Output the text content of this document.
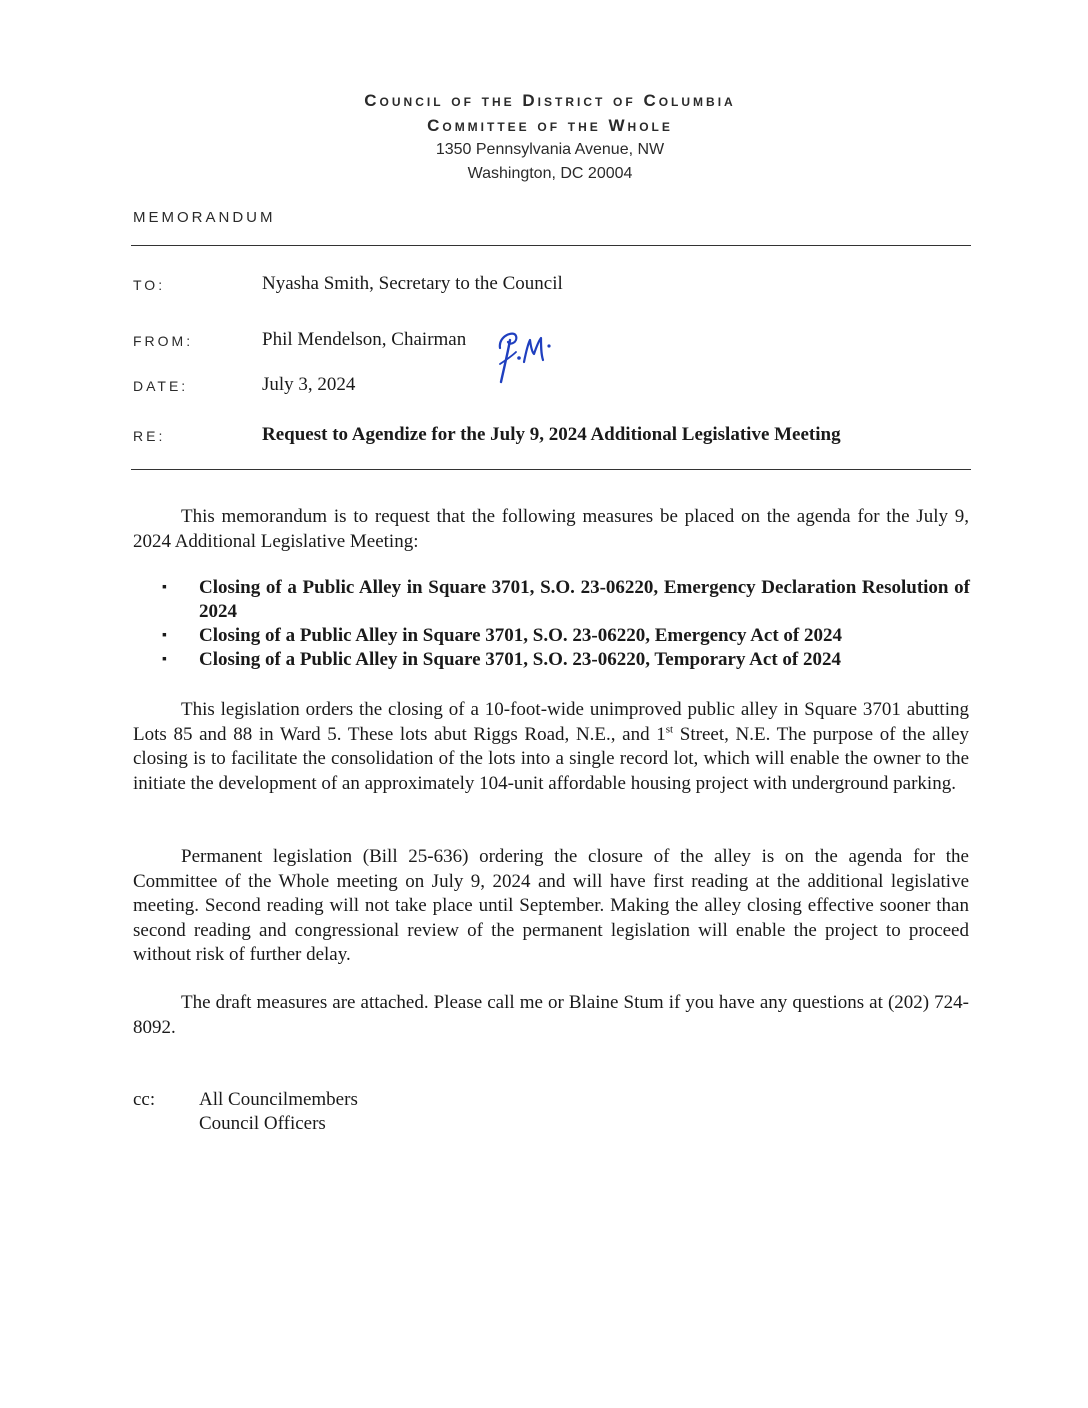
Council of the District of Columbia
Committee of the Whole
1350 Pennsylvania Avenue, NW
Washington, DC 20004
MEMORANDUM
TO:	Nyasha Smith, Secretary to the Council
FROM:	Phil Mendelson, Chairman
DATE:	July 3, 2024
RE:	Request to Agendize for the July 9, 2024 Additional Legislative Meeting
This memorandum is to request that the following measures be placed on the agenda for the July 9, 2024 Additional Legislative Meeting:
▪ Closing of a Public Alley in Square 3701, S.O. 23-06220, Emergency Declaration Resolution of 2024
▪ Closing of a Public Alley in Square 3701, S.O. 23-06220, Emergency Act of 2024
▪ Closing of a Public Alley in Square 3701, S.O. 23-06220, Temporary Act of 2024
This legislation orders the closing of a 10-foot-wide unimproved public alley in Square 3701 abutting Lots 85 and 88 in Ward 5. These lots abut Riggs Road, N.E., and 1st Street, N.E. The purpose of the alley closing is to facilitate the consolidation of the lots into a single record lot, which will enable the owner to the initiate the development of an approximately 104-unit affordable housing project with underground parking.
Permanent legislation (Bill 25-636) ordering the closure of the alley is on the agenda for the Committee of the Whole meeting on July 9, 2024 and will have first reading at the additional legislative meeting. Second reading will not take place until September. Making the alley closing effective sooner than second reading and congressional review of the permanent legislation will enable the project to proceed without risk of further delay.
The draft measures are attached. Please call me or Blaine Stum if you have any questions at (202) 724-8092.
cc: All Councilmembers
Council Officers
